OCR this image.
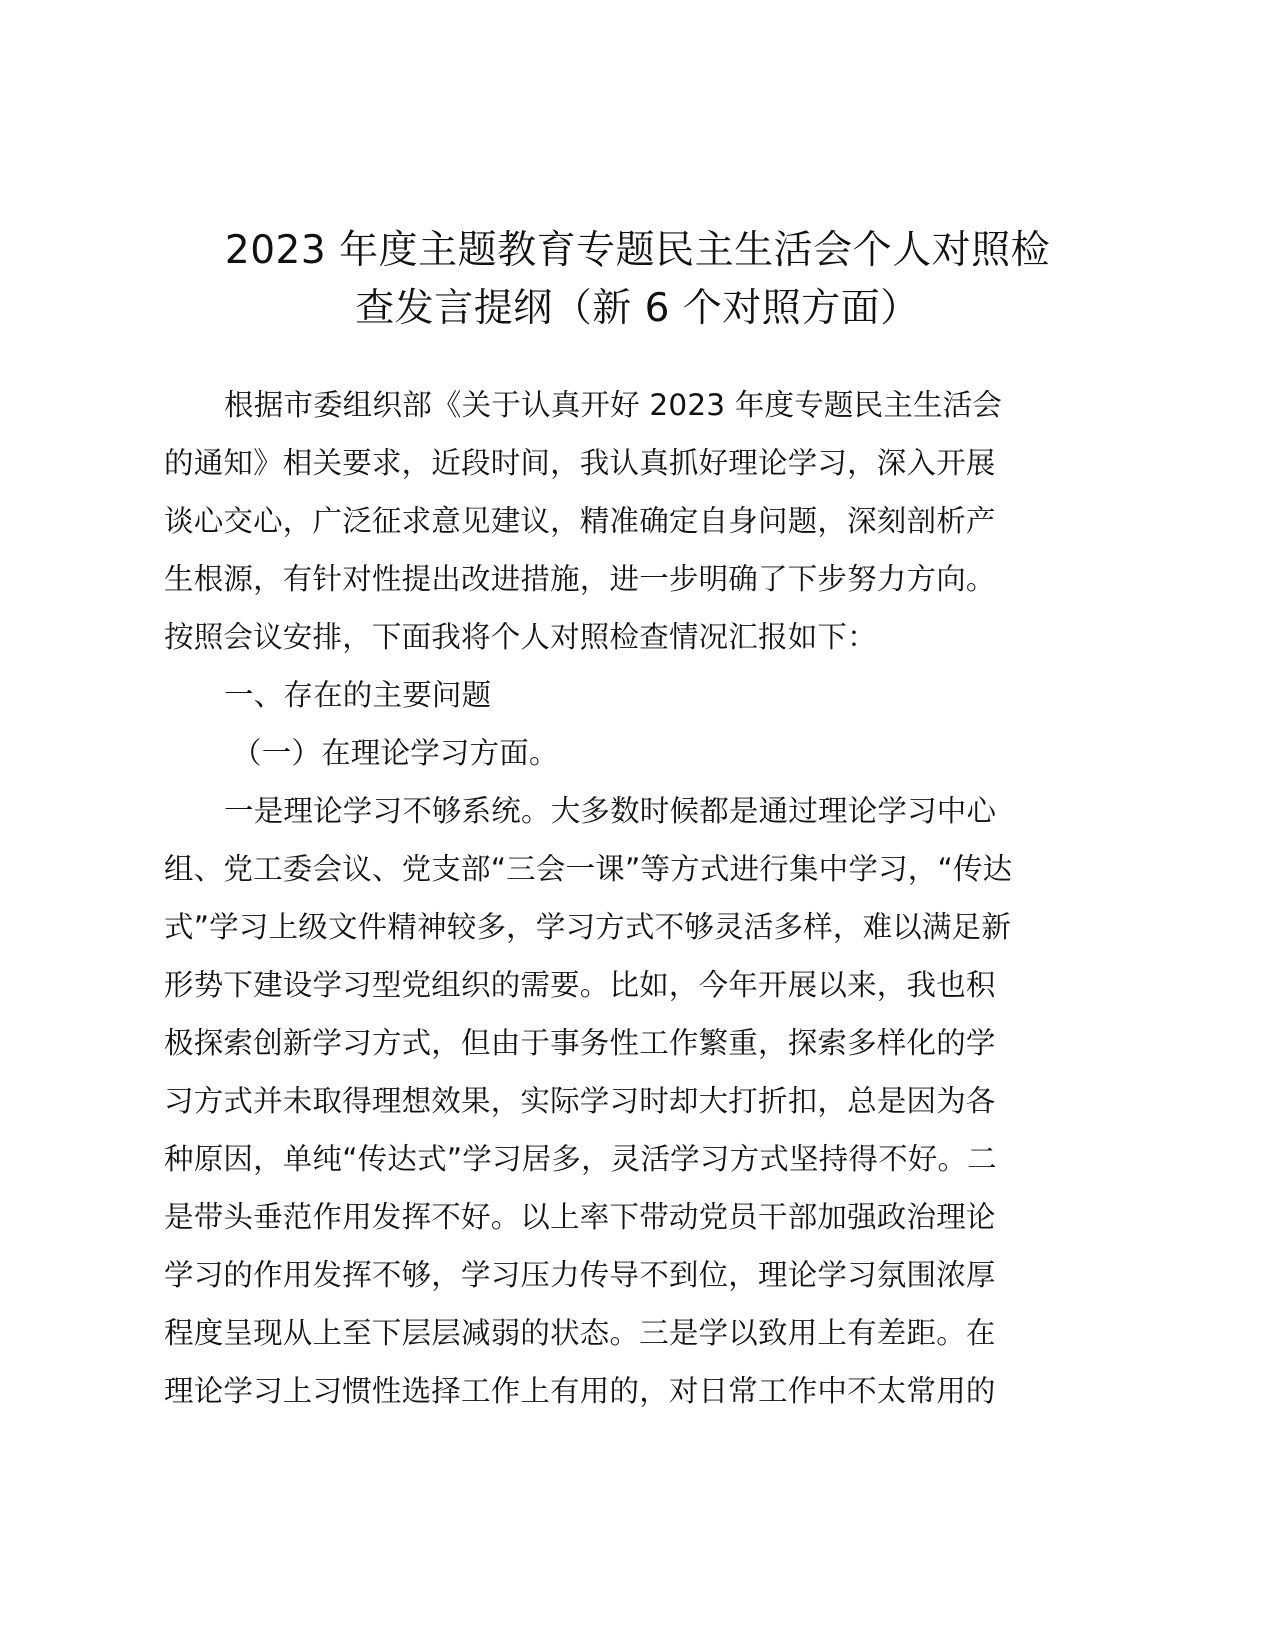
2023 年度主题教育专题民主生活会个人对照检
查发言提纲（新 6 个对照方面）
根据市委组织部《关于认真开好 2023 年度专题民主生活会
的通知》相关要求，近段时间，我认真抓好理论学习，深入开展
谈心交心，广泛征求意见建议，精准确定自身问题，深刻剖析产
生根源，有针对性提出改进措施，进一步明确了下步努力方向。
按照会议安排，下面我将个人对照检查情况汇报如下：
一、存在的主要问题
（一）在理论学习方面。
一是理论学习不够系统。大多数时候都是通过理论学习中心
组、党工委会议、党支部“三会一课”等方式进行集中学习，“传达
式”学习上级文件精神较多，学习方式不够灵活多样，难以满足新
形势下建设学习型党组织的需要。比如，今年开展以来，我也积
极探索创新学习方式，但由于事务性工作繁重，探索多样化的学
习方式并未取得理想效果，实际学习时却大打折扣，总是因为各
种原因，单纯“传达式”学习居多，灵活学习方式坚持得不好。二
是带头垂范作用发挥不好。以上率下带动党员干部加强政治理论
学习的作用发挥不够，学习压力传导不到位，理论学习氛围浓厚
程度呈现从上至下层层减弱的状态。三是学以致用上有差距。在
理论学习上习惯性选择工作上有用的，对日常工作中不太常用的
